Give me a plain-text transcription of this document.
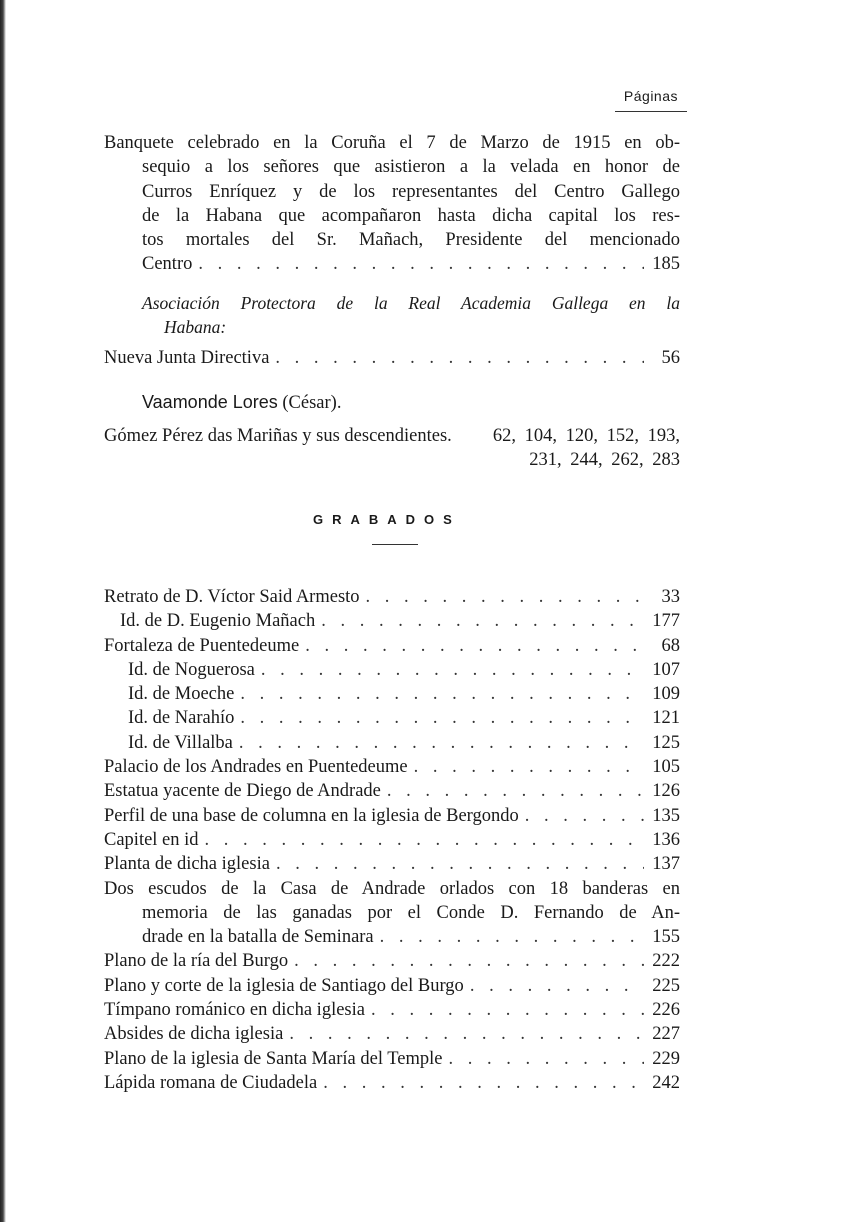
Páginas
Banquete celebrado en la Coruña el 7 de Marzo de 1915 en ob-
sequio a los señores que asistieron a la velada en honor de
Curros Enríquez y de los representantes del Centro Gallego
de la Habana que acompañaron hasta dicha capital los res-
tos mortales del Sr. Mañach, Presidente del mencionado
Centro . . .	185
Asociación Protectora de la Real Academia Gallega en la
Habana:
Nueva Junta Directiva . . .	56
Vaamonde Lores (César).
Gómez Pérez das Mariñas y sus descendientes. 62, 104, 120, 152, 193,
231, 244, 262, 283
GRABADOS
Retrato de D. Víctor Said Armesto . . .	33
Id. de D. Eugenio Mañach . . .	177
Fortaleza de Puentedeume . . .	68
Id. de Noguerosa . . .	107
Id. de Moeche . . .	109
Id. de Narahío . . .	121
Id. de Villalba . . .	125
Palacio de los Andrades en Puentedeume . . .	105
Estatua yacente de Diego de Andrade . . .	126
Perfil de una base de columna en la iglesia de Bergondo . . .	135
Capitel en id . . .	136
Planta de dicha iglesia . . .	137
Dos escudos de la Casa de Andrade orlados con 18 banderas en
memoria de las ganadas por el Conde D. Fernando de An-
drade en la batalla de Seminara . . .	155
Plano de la ría del Burgo . . .	222
Plano y corte de la iglesia de Santiago del Burgo . . .	225
Tímpano románico en dicha iglesia . . .	226
Absides de dicha iglesia . . .	227
Plano de la iglesia de Santa María del Temple . . .	229
Lápida romana de Ciudadela . . .	242
